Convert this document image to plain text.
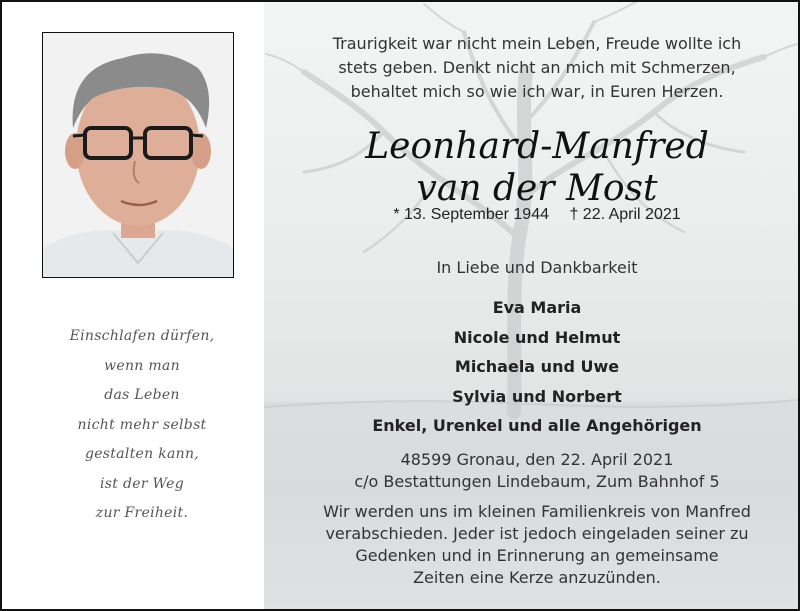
Einschlafen dürfen,
wenn man
das Leben
nicht mehr selbst
gestalten kann,
ist der Weg
zur Freiheit.
Traurigkeit war nicht mein Leben, Freude wollte ich
stets geben. Denkt nicht an mich mit Schmerzen,
behaltet mich so wie ich war, in Euren Herzen.
Leonhard-Manfred
van der Most
* 13. September 1944 † 22. April 2021
In Liebe und Dankbarkeit
Eva Maria
Nicole und Helmut
Michaela und Uwe
Sylvia und Norbert
Enkel, Urenkel und alle Angehörigen
48599 Gronau, den 22. April 2021
c/o Bestattungen Lindebaum, Zum Bahnhof 5
Wir werden uns im kleinen Familienkreis von Manfred
verabschieden. Jeder ist jedoch eingeladen seiner zu
Gedenken und in Erinnerung an gemeinsame
Zeiten eine Kerze anzuzünden.
